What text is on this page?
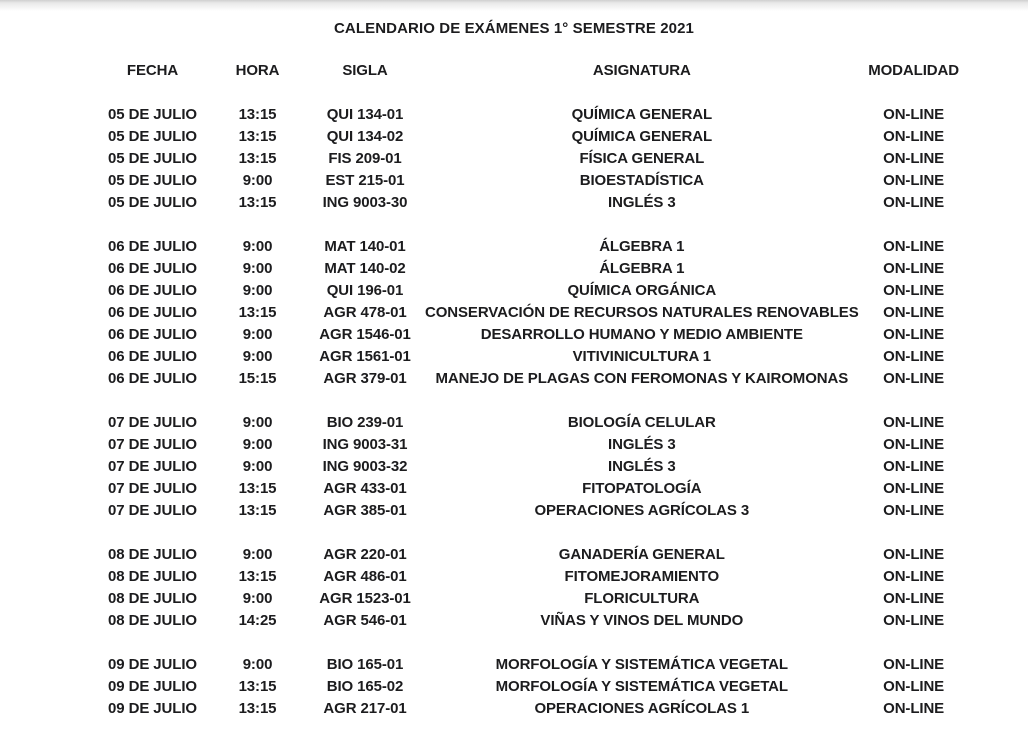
CALENDARIO DE EXÁMENES 1° SEMESTRE 2021
FECHA	HORA	SIGLA	ASIGNATURA	MODALIDAD

05 DE JULIO	13:15	QUI 134-01	QUÍMICA GENERAL	ON-LINE
05 DE JULIO	13:15	QUI 134-02	QUÍMICA GENERAL	ON-LINE
05 DE JULIO	13:15	FIS 209-01	FÍSICA GENERAL	ON-LINE
05 DE JULIO	9:00	EST 215-01	BIOESTADÍSTICA	ON-LINE
05 DE JULIO	13:15	ING 9003-30	INGLÉS 3	ON-LINE

06 DE JULIO	9:00	MAT 140-01	ÁLGEBRA 1	ON-LINE
06 DE JULIO	9:00	MAT 140-02	ÁLGEBRA 1	ON-LINE
06 DE JULIO	9:00	QUI 196-01	QUÍMICA ORGÁNICA	ON-LINE
06 DE JULIO	13:15	AGR 478-01	CONSERVACIÓN DE RECURSOS NATURALES RENOVABLES	ON-LINE
06 DE JULIO	9:00	AGR 1546-01	DESARROLLO HUMANO Y MEDIO AMBIENTE	ON-LINE
06 DE JULIO	9:00	AGR 1561-01	VITIVINICULTURA 1	ON-LINE
06 DE JULIO	15:15	AGR 379-01	MANEJO DE PLAGAS CON FEROMONAS Y KAIROMONAS	ON-LINE

07 DE JULIO	9:00	BIO 239-01	BIOLOGÍA CELULAR	ON-LINE
07 DE JULIO	9:00	ING 9003-31	INGLÉS 3	ON-LINE
07 DE JULIO	9:00	ING 9003-32	INGLÉS 3	ON-LINE
07 DE JULIO	13:15	AGR 433-01	FITOPATOLOGÍA	ON-LINE
07 DE JULIO	13:15	AGR 385-01	OPERACIONES AGRÍCOLAS 3	ON-LINE

08 DE JULIO	9:00	AGR 220-01	GANADERÍA GENERAL	ON-LINE
08 DE JULIO	13:15	AGR 486-01	FITOMEJORAMIENTO	ON-LINE
08 DE JULIO	9:00	AGR 1523-01	FLORICULTURA	ON-LINE
08 DE JULIO	14:25	AGR 546-01	VIÑAS Y VINOS DEL MUNDO	ON-LINE

09 DE JULIO	9:00	BIO 165-01	MORFOLOGÍA Y SISTEMÁTICA VEGETAL	ON-LINE
09 DE JULIO	13:15	BIO 165-02	MORFOLOGÍA Y SISTEMÁTICA VEGETAL	ON-LINE
09 DE JULIO	13:15	AGR 217-01	OPERACIONES AGRÍCOLAS 1	ON-LINE
